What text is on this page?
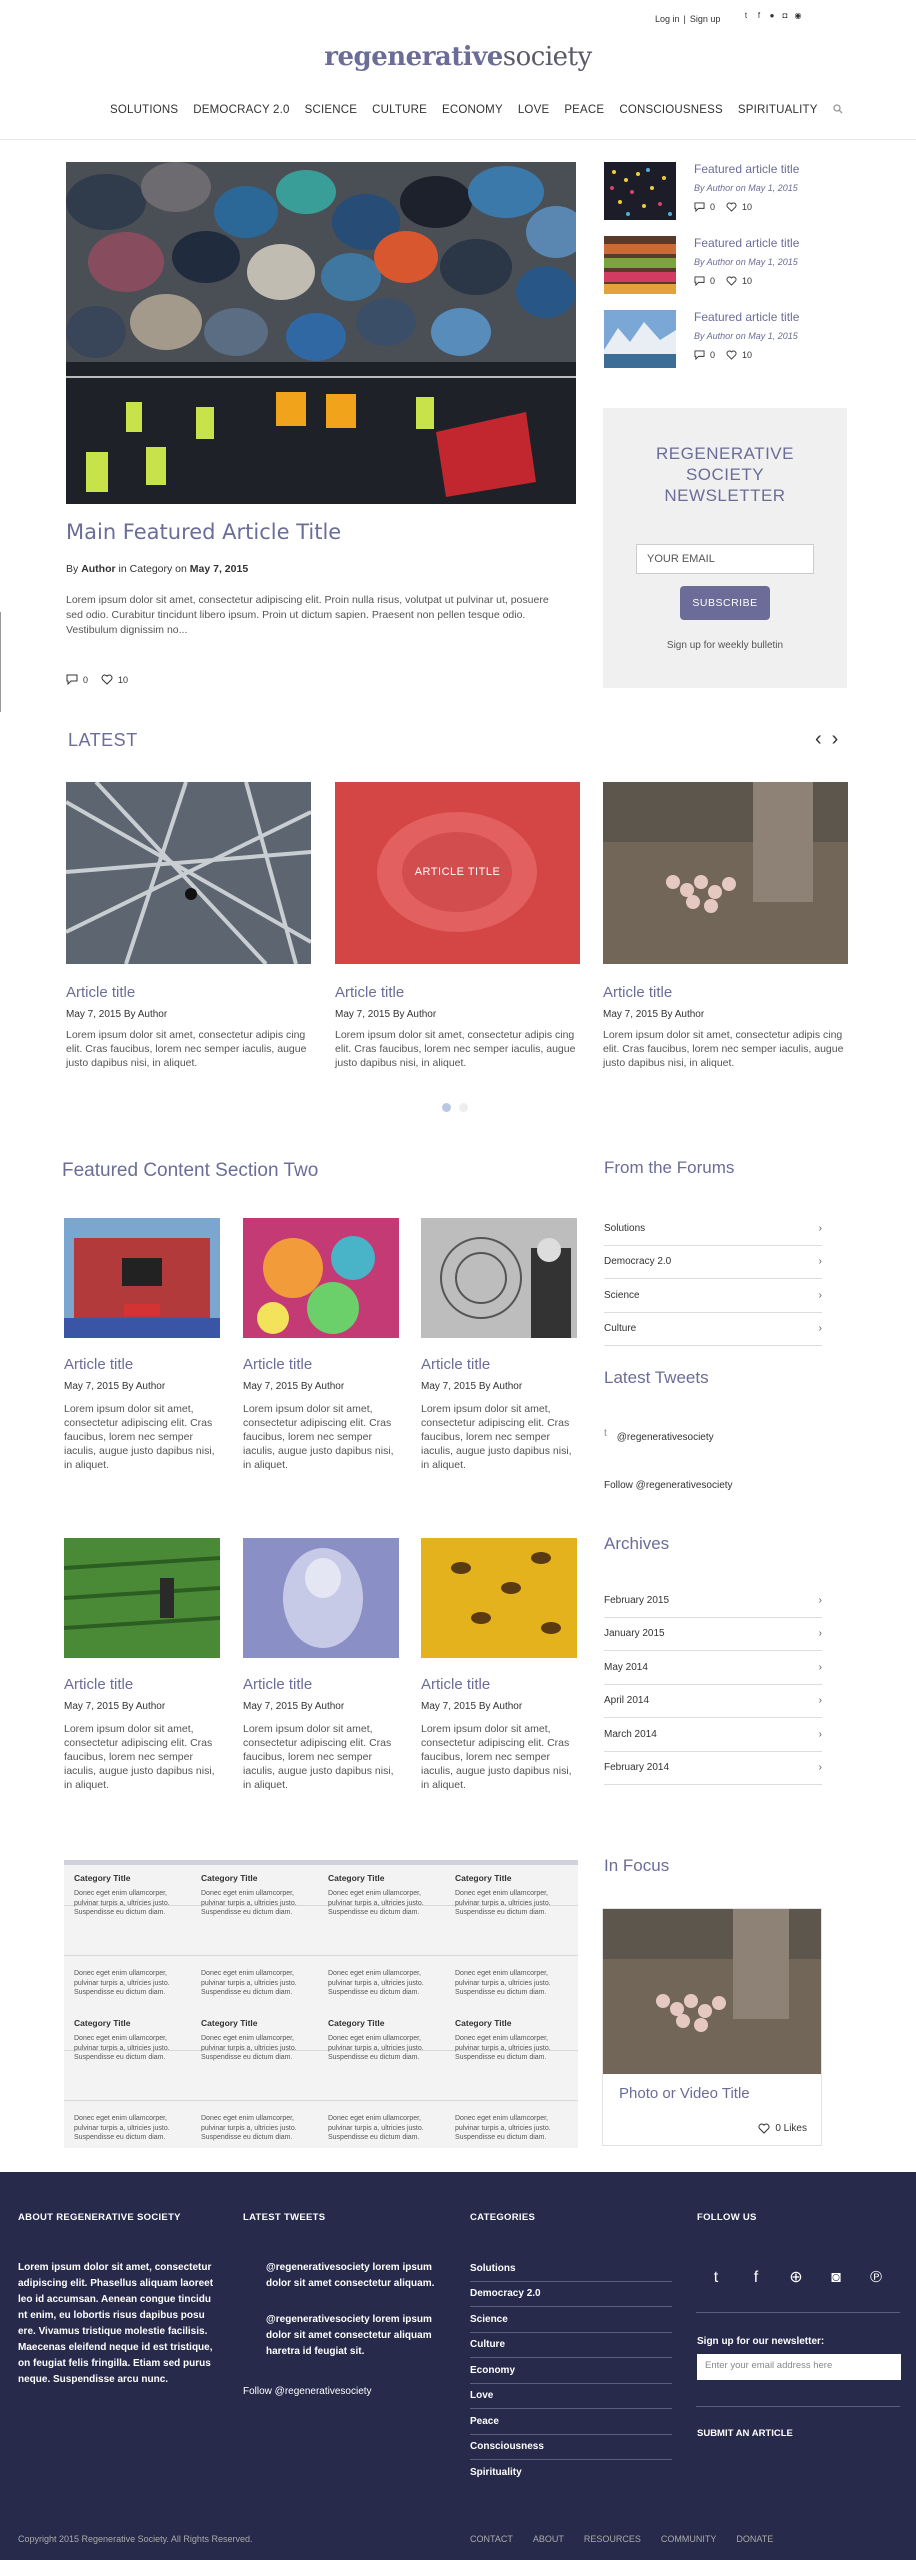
Log in | Sign up	t	f	● ◘ ◉
regenerativesociety
SOLUTIONS DEMOCRACY 2.0 SCIENCE CULTURE ECONOMY LOVE PEACE CONSCIOUSNESS SPIRITUALITY
Main Featured Article Title
By Author in Category on May 7, 2015
Lorem ipsum dolor sit amet, consectetur adipiscing elit. Proin nulla risus, volutpat ut pulvinar ut, posuere sed odio. Curabitur tincidunt libero ipsum. Proin ut dictum sapien. Praesent non pellen tesque odio. Vestibulum dignissim no...
0	10
Featured article title
By Author on May 1, 2015
0	10
Featured article title
By Author on May 1, 2015
0	10
Featured article title
By Author on May 1, 2015
0	10
REGENERATIVE
SOCIETY
NEWSLETTER
YOUR EMAIL
SUBSCRIBE
Sign up for weekly bulletin
LATEST	‹ ›
Article title
May 7, 2015 By Author
Lorem ipsum dolor sit amet, consectetur adipis cing elit. Cras faucibus, lorem nec semper iaculis, augue justo dapibus nisi, in aliquet.
ARTICLE TITLE
Article title
May 7, 2015 By Author
Lorem ipsum dolor sit amet, consectetur adipis cing elit. Cras faucibus, lorem nec semper iaculis, augue justo dapibus nisi, in aliquet.
Article title
May 7, 2015 By Author
Lorem ipsum dolor sit amet, consectetur adipis cing elit. Cras faucibus, lorem nec semper iaculis, augue justo dapibus nisi, in aliquet.
Featured Content Section Two
Article title
May 7, 2015 By Author
Lorem ipsum dolor sit amet, consectetur adipiscing elit. Cras faucibus, lorem nec semper iaculis, augue justo dapibus nisi, in aliquet.
Article title
May 7, 2015 By Author
Lorem ipsum dolor sit amet, consectetur adipiscing elit. Cras faucibus, lorem nec semper iaculis, augue justo dapibus nisi, in aliquet.
Article title
May 7, 2015 By Author
Lorem ipsum dolor sit amet, consectetur adipiscing elit. Cras faucibus, lorem nec semper iaculis, augue justo dapibus nisi, in aliquet.
Article title
May 7, 2015 By Author
Lorem ipsum dolor sit amet, consectetur adipiscing elit. Cras faucibus, lorem nec semper iaculis, augue justo dapibus nisi, in aliquet.
Article title
May 7, 2015 By Author
Lorem ipsum dolor sit amet, consectetur adipiscing elit. Cras faucibus, lorem nec semper iaculis, augue justo dapibus nisi, in aliquet.
Article title
May 7, 2015 By Author
Lorem ipsum dolor sit amet, consectetur adipiscing elit. Cras faucibus, lorem nec semper iaculis, augue justo dapibus nisi, in aliquet.
From the Forums
Solutions	›
Democracy 2.0	›
Science	›
Culture	›
Latest Tweets
t @regenerativesociety
Follow @regenerativesociety
Archives
February 2015	›
January 2015	›
May 2014	›
April 2014	›
March 2014	›
February 2014	›
Category Title
Donec eget enim ullamcorper, pulvinar turpis a, ultricies justo. Suspendisse eu dictum diam.
Category Title
Donec eget enim ullamcorper, pulvinar turpis a, ultricies justo. Suspendisse eu dictum diam.
Category Title
Donec eget enim ullamcorper, pulvinar turpis a, ultricies justo. Suspendisse eu dictum diam.
Category Title
Donec eget enim ullamcorper, pulvinar turpis a, ultricies justo. Suspendisse eu dictum diam.
Donec eget enim ullamcorper, pulvinar turpis a, ultricies justo. Suspendisse eu dictum diam.
Donec eget enim ullamcorper, pulvinar turpis a, ultricies justo. Suspendisse eu dictum diam.
Donec eget enim ullamcorper, pulvinar turpis a, ultricies justo. Suspendisse eu dictum diam.
Donec eget enim ullamcorper, pulvinar turpis a, ultricies justo. Suspendisse eu dictum diam.
Category Title
Donec eget enim ullamcorper, pulvinar turpis a, ultricies justo. Suspendisse eu dictum diam.
Category Title
Donec eget enim ullamcorper, pulvinar turpis a, ultricies justo. Suspendisse eu dictum diam.
Category Title
Donec eget enim ullamcorper, pulvinar turpis a, ultricies justo. Suspendisse eu dictum diam.
Category Title
Donec eget enim ullamcorper, pulvinar turpis a, ultricies justo. Suspendisse eu dictum diam.
Donec eget enim ullamcorper, pulvinar turpis a, ultricies justo. Suspendisse eu dictum diam.
Donec eget enim ullamcorper, pulvinar turpis a, ultricies justo. Suspendisse eu dictum diam.
Donec eget enim ullamcorper, pulvinar turpis a, ultricies justo. Suspendisse eu dictum diam.
Donec eget enim ullamcorper, pulvinar turpis a, ultricies justo. Suspendisse eu dictum diam.
In Focus
Photo or Video Title
0 Likes
ABOUT REGENERATIVE SOCIETY
Lorem ipsum dolor sit amet, consectetur adipiscing elit. Phasellus aliquam laoreet leo id accumsan. Aenean congue tincidu nt enim, eu lobortis risus dapibus posu ere. Vivamus tristique molestie facilisis. Maecenas eleifend neque id est tristique, on feugiat felis fringilla. Etiam sed purus neque. Suspendisse arcu nunc.
LATEST TWEETS
@regenerativesociety lorem ipsum dolor sit amet consectetur aliquam.
@regenerativesociety lorem ipsum dolor sit amet consectetur aliquam haretra id feugiat sit.
Follow @regenerativesociety
CATEGORIES
Solutions
Democracy 2.0
Science
Culture
Economy
Love
Peace
Consciousness
Spirituality
FOLLOW US
t	f	⊕	◙	℗
Sign up for our newsletter:
Enter your email address here
SUBMIT AN ARTICLE
Copyright 2015 Regenerative Society. All Rights Reserved.	CONTACT ABOUT RESOURCES COMMUNITY DONATE
